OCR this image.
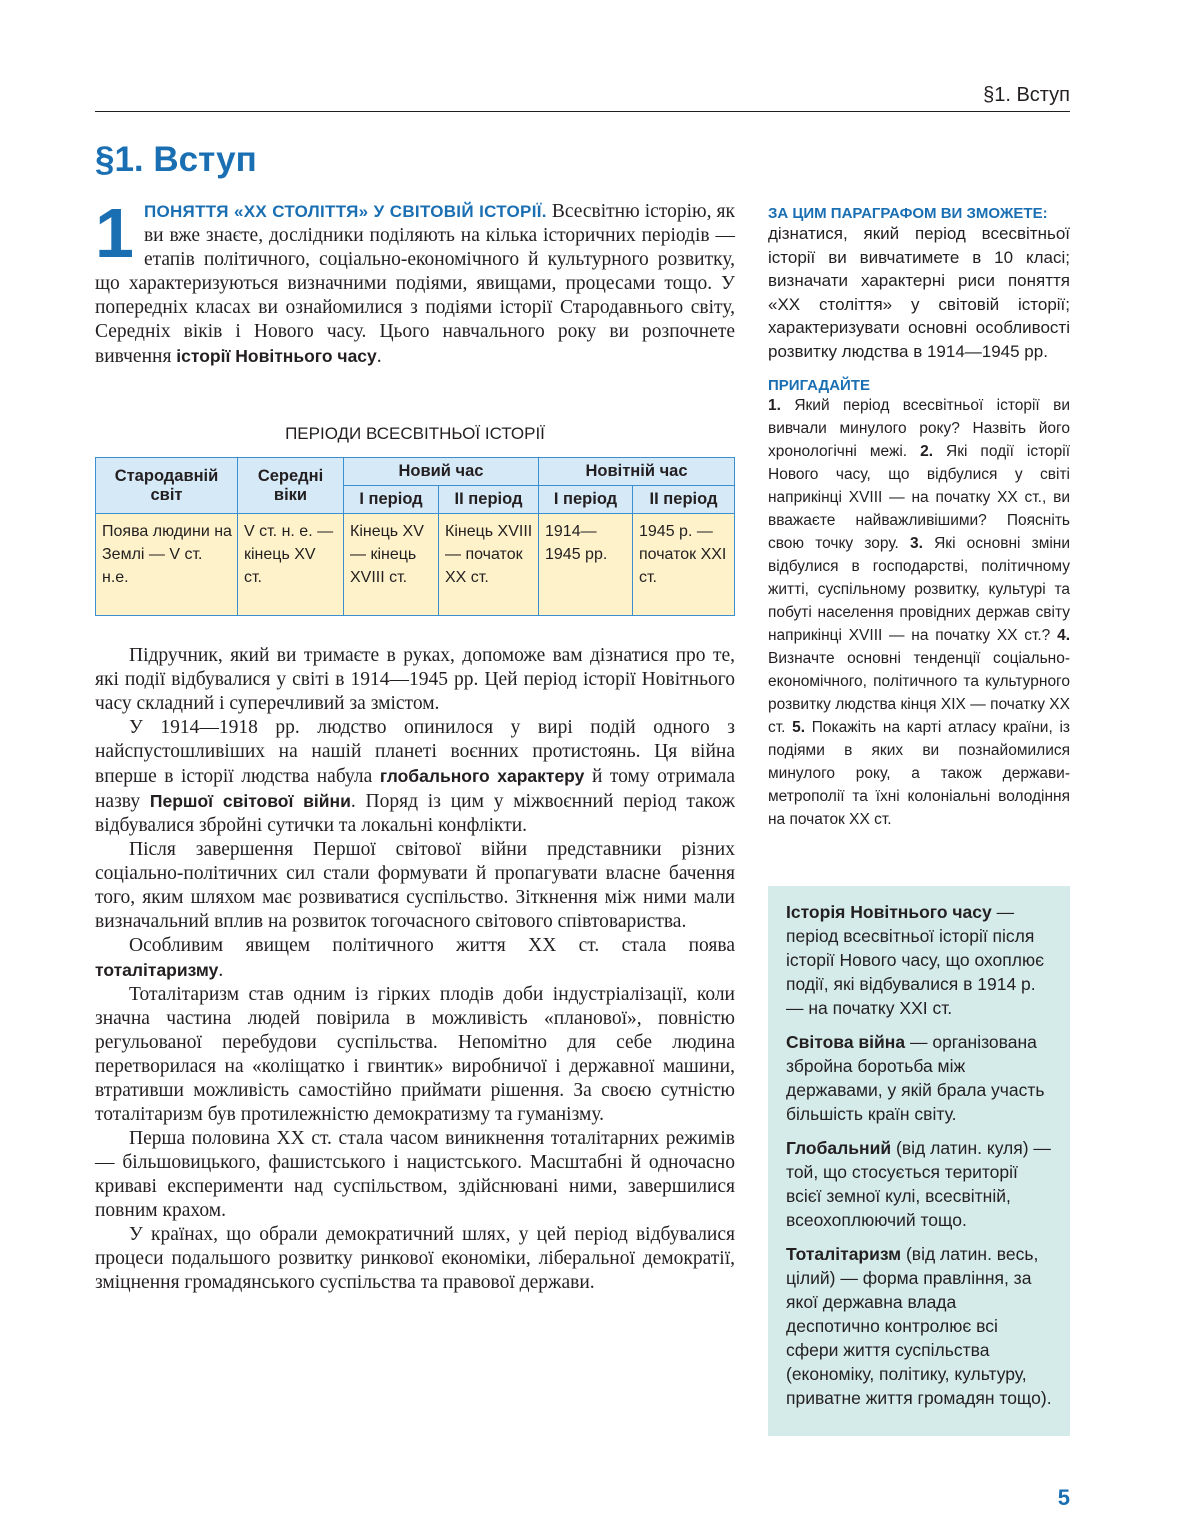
§1. Вступ
§1. Вступ
1 ПОНЯТТЯ «XX СТОЛІТТЯ» У СВІТОВІЙ ІСТОРІЇ. Всесвітню історію, як ви вже знаєте, дослідники поділяють на кілька історичних періодів — етапів політичного, соціально-економічного й культурного розвитку, що характеризуються визначними подіями, явищами, процесами тощо. У попередніх класах ви ознайомилися з подіями історії Стародавнього світу, Середніх віків і Нового часу. Цього навчального року ви розпочнете вивчення історії Новітнього часу.

ПЕРІОДИ ВСЕСВІТНЬОЇ ІСТОРІЇ
Стародавній світ	Середні віки	Новий час		Новітній час	
		І період	ІІ період	І період	ІІ період
Поява людини на Землі — V ст. н.е.	V ст. н. е. — кінець XV ст.	Кінець XV — кінець XVIII ст.	Кінець XVIII — початок XX ст.	1914—1945 рр.	1945 р. — початок XXI ст.

Підручник, який ви тримаєте в руках, допоможе вам дізнатися про те, які події відбувалися у світі в 1914—1945 рр. Цей період історії Новітнього часу складний і суперечливий за змістом.

У 1914—1918 рр. людство опинилося у вирі подій одного з найспустошливіших на нашій планеті воєнних протистоянь. Ця війна вперше в історії людства набула глобального характеру й тому отримала назву Першої світової війни. Поряд із цим у міжвоєнний період також відбувалися збройні сутички та локальні конфлікти.

Після завершення Першої світової війни представники різних соціально-політичних сил стали формувати й пропагувати власне бачення того, яким шляхом має розвиватися суспільство. Зіткнення між ними мали визначальний вплив на розвиток тогочасного світового співтовариства.

Особливим явищем політичного життя XX ст. стала поява тоталітаризму.

Тоталітаризм став одним із гірких плодів доби індустріалізації, коли значна частина людей повірила в можливість «планової», повністю регульованої перебудови суспільства. Непомітно для себе людина перетворилася на «коліщатко і гвинтик» виробничої і державної машини, втративши можливість самостійно приймати рішення. За своєю сутністю тоталітаризм був протилежністю демократизму та гуманізму.

Перша половина XX ст. стала часом виникнення тоталітарних режимів — більшовицького, фашистського і нацистського. Масштабні й одночасно криваві експерименти над суспільством, здійснювані ними, завершилися повним крахом.

У країнах, що обрали демократичний шлях, у цей період відбувалися процеси подальшого розвитку ринкової економіки, ліберальної демократії, зміцнення громадянського суспільства та правової держави.

ЗА ЦИМ ПАРАГРАФОМ ВИ ЗМОЖЕТЕ:

дізнатися, який період всесвітньої історії ви вивчатимете в 10 класі; визначати характерні риси поняття «XX століття» у світовій історії; характеризувати основні особливості розвитку людства в 1914—1945 рр.

ПРИГАДАЙТЕ

1. Який період всесвітньої історії ви вивчали минулого року? Назвіть його хронологічні межі. 2. Які події історії Нового часу, що відбулися у світі наприкінці XVIII — на початку XX ст., ви вважаєте найважливішими? Поясніть свою точку зору. 3. Які основні зміни відбулися в господарстві, політичному житті, суспільному розвитку, культурі та побуті населення провідних держав світу наприкінці XVIII — на початку XX ст.? 4. Визначте основні тенденції соціально-економічного, політичного та культурного розвитку людства кінця XIX — початку XX ст. 5. Покажіть на карті атласу країни, із подіями в яких ви познайомилися минулого року, а також держави-метрополії та їхні колоніальні володіння на початок XX ст.

Історія Новітнього часу — період всесвітньої історії після історії Нового часу, що охоплює події, які відбувалися в 1914 р. — на початку XXI ст.
Світова війна — організована збройна боротьба між державами, у якій брала участь більшість країн світу.
Глобальний (від латин. куля) — той, що стосується території всієї земної кулі, всесвітній, всеохоплюючий тощо.
Тоталітаризм (від латин. весь, цілий) — форма правління, за якої державна влада деспотично контролює всі сфери життя суспільства (економіку, політику, культуру, приватне життя громадян тощо).
5
